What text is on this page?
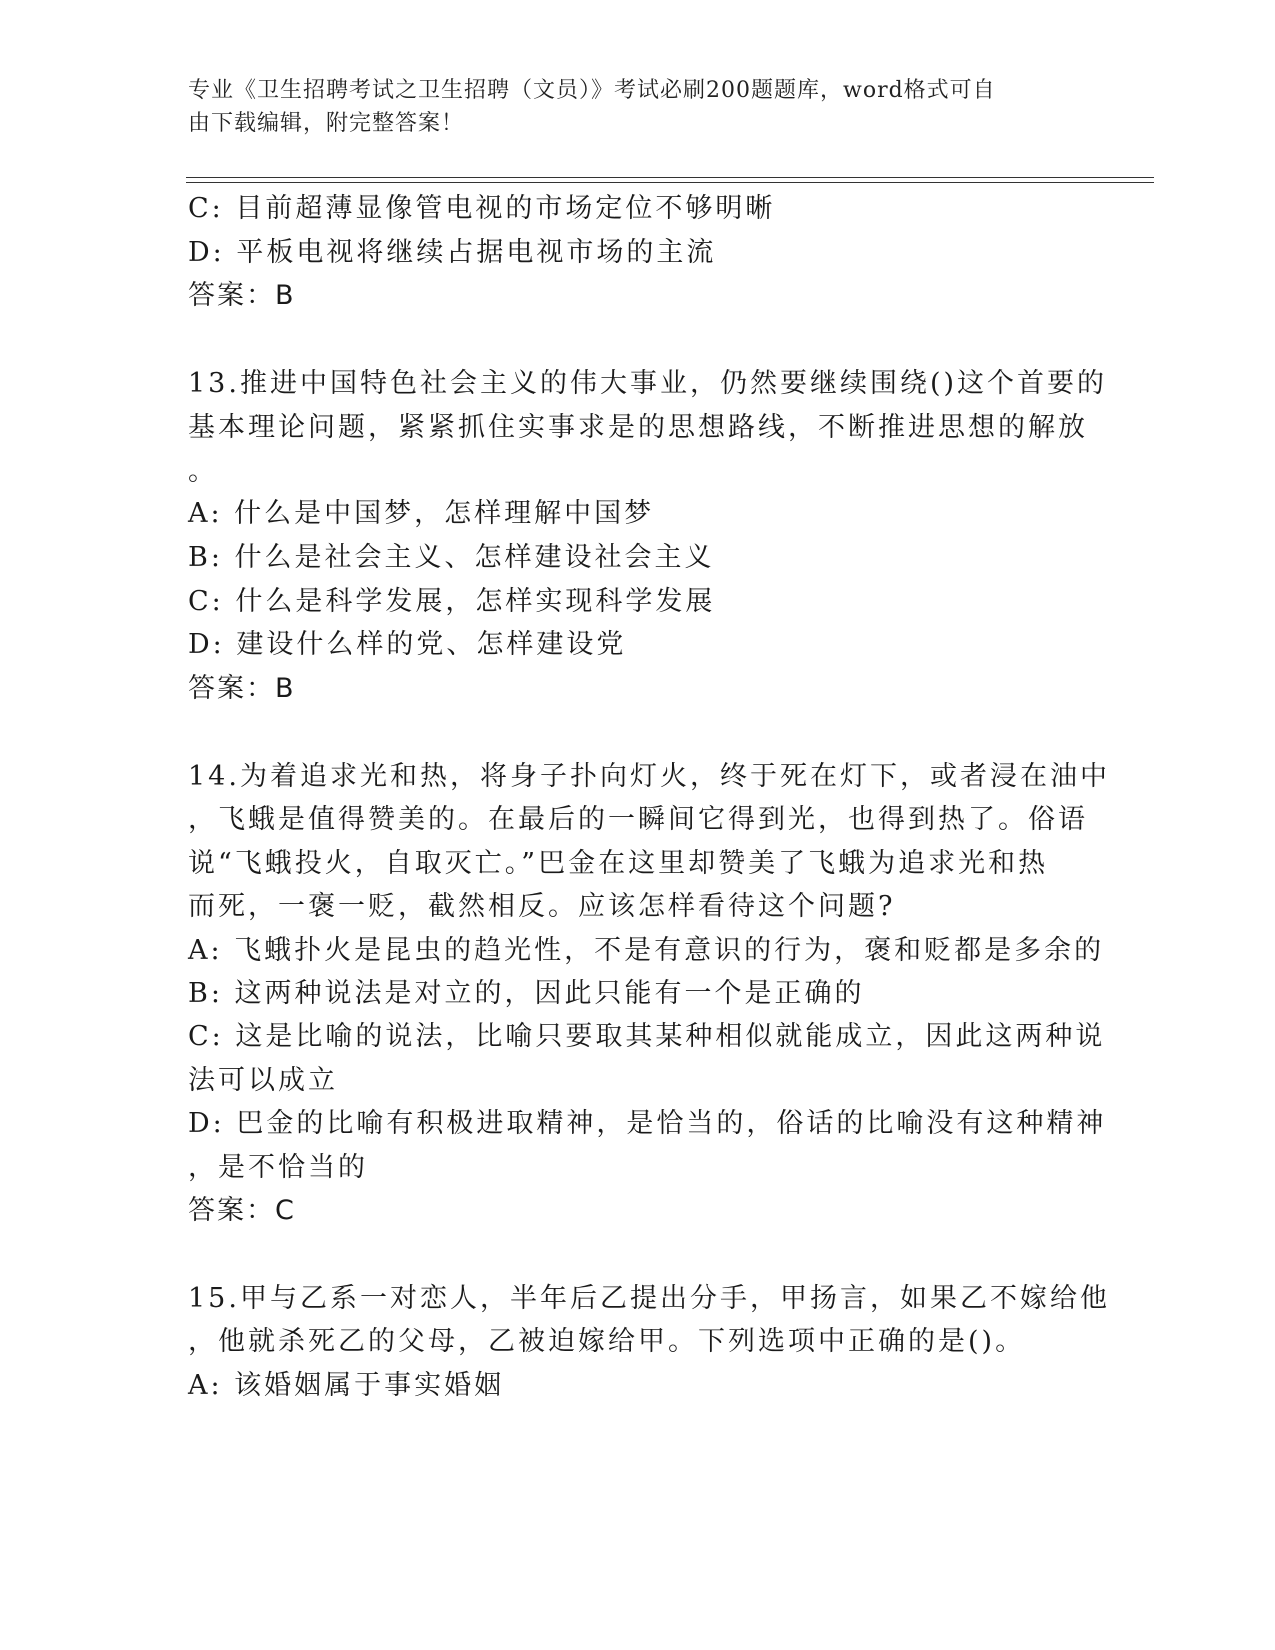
专业《卫生招聘考试之卫生招聘（文员）》考试必刷200题题库，word格式可自
由下载编辑，附完整答案！
C: 目前超薄显像管电视的市场定位不够明晰
D: 平板电视将继续占据电视市场的主流
答案：B
13.推进中国特色社会主义的伟大事业，仍然要继续围绕()这个首要的
基本理论问题，紧紧抓住实事求是的思想路线，不断推进思想的解放
。
A: 什么是中国梦，怎样理解中国梦
B: 什么是社会主义、怎样建设社会主义
C: 什么是科学发展，怎样实现科学发展
D: 建设什么样的党、怎样建设党
答案：B
14.为着追求光和热，将身子扑向灯火，终于死在灯下，或者浸在油中
，飞蛾是值得赞美的。在最后的一瞬间它得到光，也得到热了。俗语
说“飞蛾投火，自取灭亡。”巴金在这里却赞美了飞蛾为追求光和热
而死，一褒一贬，截然相反。应该怎样看待这个问题?
A: 飞蛾扑火是昆虫的趋光性，不是有意识的行为，褒和贬都是多余的
B: 这两种说法是对立的，因此只能有一个是正确的
C: 这是比喻的说法，比喻只要取其某种相似就能成立，因此这两种说
法可以成立
D: 巴金的比喻有积极进取精神，是恰当的，俗话的比喻没有这种精神
，是不恰当的
答案：C
15.甲与乙系一对恋人，半年后乙提出分手，甲扬言，如果乙不嫁给他
，他就杀死乙的父母，乙被迫嫁给甲。下列选项中正确的是()。
A: 该婚姻属于事实婚姻
